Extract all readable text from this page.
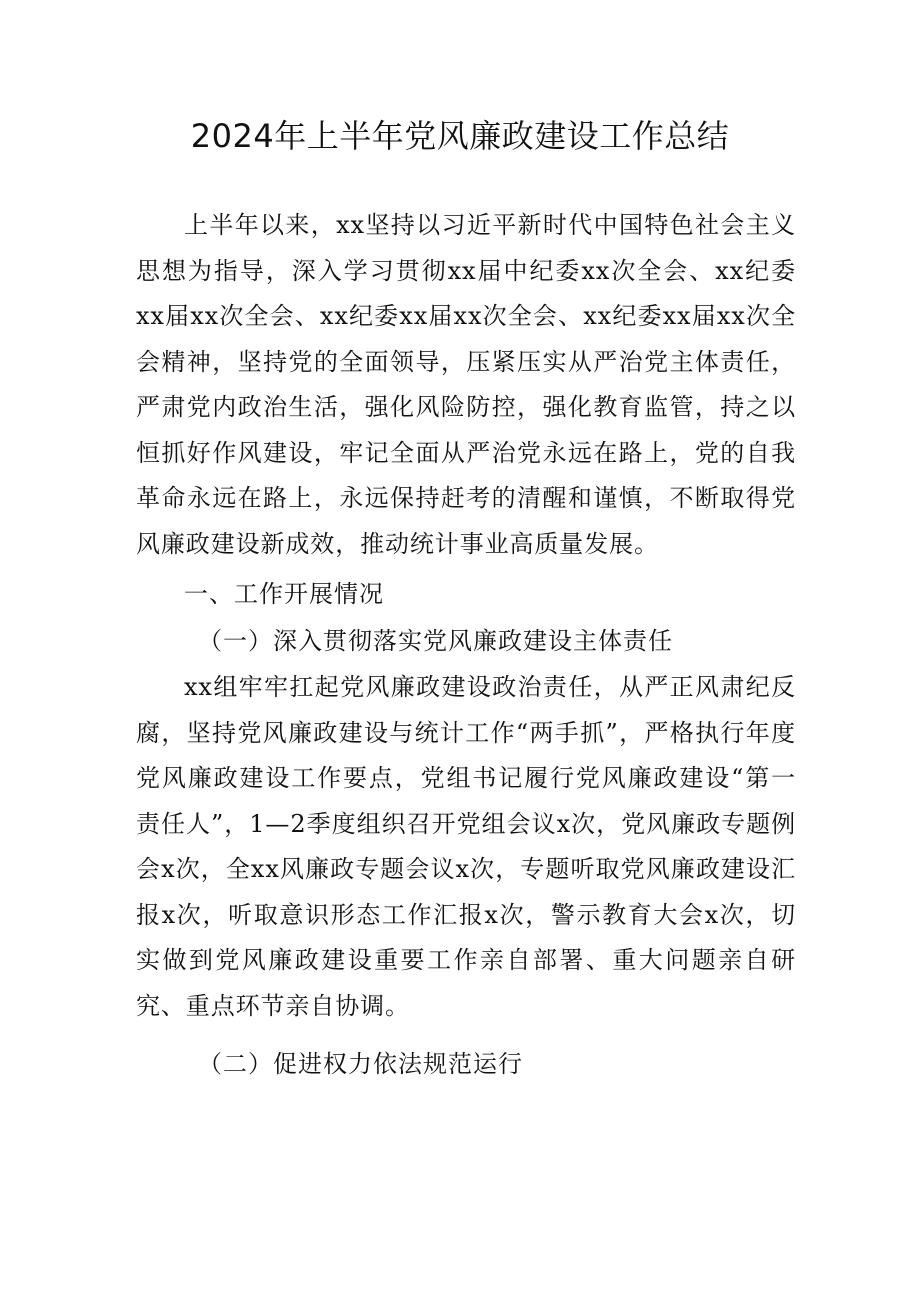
2024年上半年党风廉政建设工作总结

上半年以来，xx坚持以习近平新时代中国特色社会主义思想为指导，深入学习贯彻xx届中纪委xx次全会、xx纪委xx届xx次全会、xx纪委xx届xx次全会、xx纪委xx届xx次全会精神，坚持党的全面领导，压紧压实从严治党主体责任，严肃党内政治生活，强化风险防控，强化教育监管，持之以恒抓好作风建设，牢记全面从严治党永远在路上，党的自我革命永远在路上，永远保持赶考的清醒和谨慎，不断取得党风廉政建设新成效，推动统计事业高质量发展。

一、工作开展情况

（一）深入贯彻落实党风廉政建设主体责任

xx组牢牢扛起党风廉政建设政治责任，从严正风肃纪反腐，坚持党风廉政建设与统计工作“两手抓”，严格执行年度党风廉政建设工作要点，党组书记履行党风廉政建设“第一责任人”，1—2季度组织召开党组会议x次，党风廉政专题例会x次，全xx风廉政专题会议x次，专题听取党风廉政建设汇报x次，听取意识形态工作汇报x次，警示教育大会x次，切实做到党风廉政建设重要工作亲自部署、重大问题亲自研究、重点环节亲自协调。

（二）促进权力依法规范运行
